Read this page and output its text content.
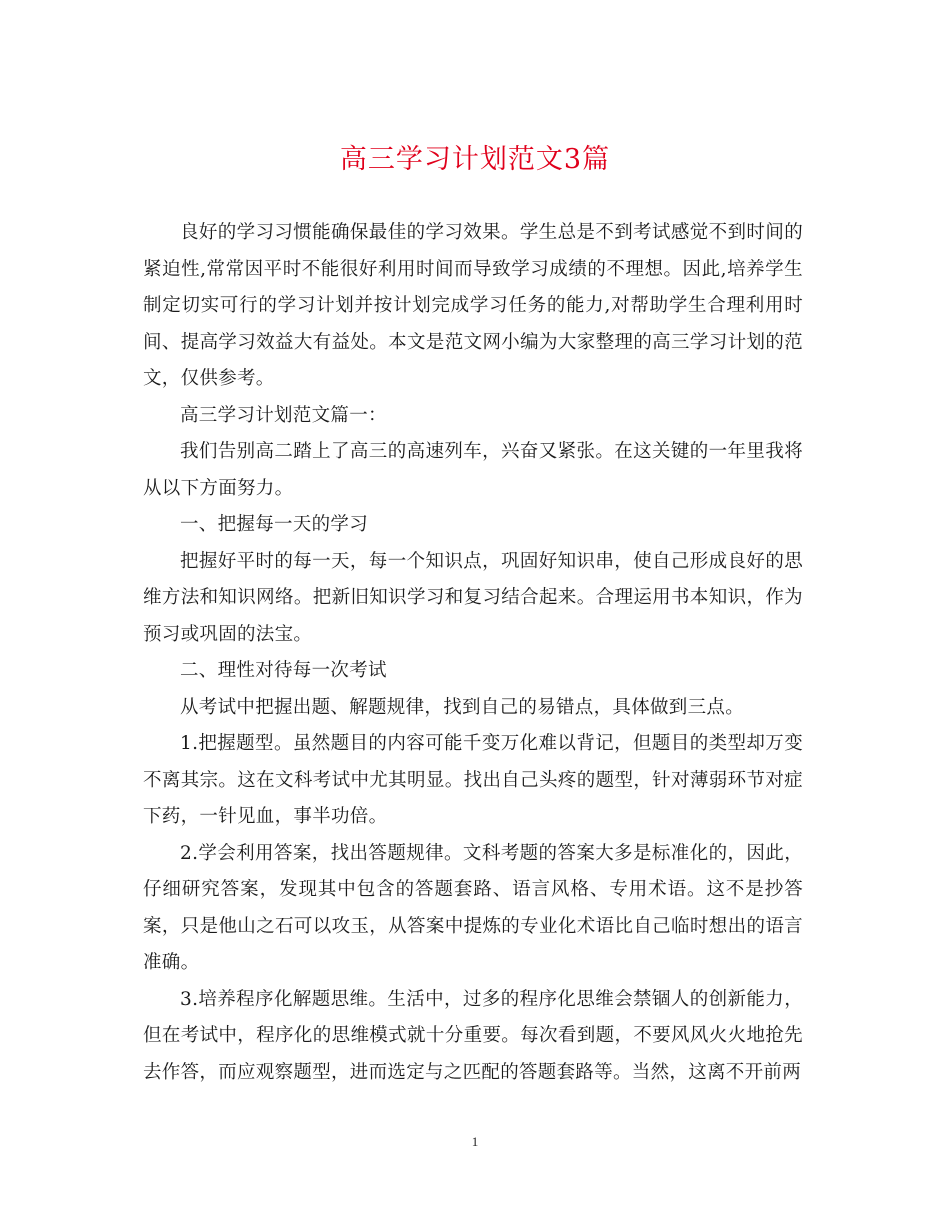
高三学习计划范文3篇

良好的学习习惯能确保最佳的学习效果。学生总是不到考试感觉不到时间的紧迫性,常常因平时不能很好利用时间而导致学习成绩的不理想。因此,培养学生制定切实可行的学习计划并按计划完成学习任务的能力,对帮助学生合理利用时间、提高学习效益大有益处。本文是范文网小编为大家整理的高三学习计划的范文，仅供参考。

高三学习计划范文篇一：

我们告别高二踏上了高三的高速列车，兴奋又紧张。在这关键的一年里我将从以下方面努力。

一、把握每一天的学习

把握好平时的每一天，每一个知识点，巩固好知识串，使自己形成良好的思维方法和知识网络。把新旧知识学习和复习结合起来。合理运用书本知识，作为预习或巩固的法宝。

二、理性对待每一次考试

从考试中把握出题、解题规律，找到自己的易错点，具体做到三点。

1.把握题型。虽然题目的内容可能千变万化难以背记，但题目的类型却万变不离其宗。这在文科考试中尤其明显。找出自己头疼的题型，针对薄弱环节对症下药，一针见血，事半功倍。

2.学会利用答案，找出答题规律。文科考题的答案大多是标准化的，因此，仔细研究答案，发现其中包含的答题套路、语言风格、专用术语。这不是抄答案，只是他山之石可以攻玉，从答案中提炼的专业化术语比自己临时想出的语言准确。

3.培养程序化解题思维。生活中，过多的程序化思维会禁锢人的创新能力，但在考试中，程序化的思维模式就十分重要。每次看到题，不要风风火火地抢先去作答，而应观察题型，进而选定与之匹配的答题套路等。当然，这离不开前两

1
